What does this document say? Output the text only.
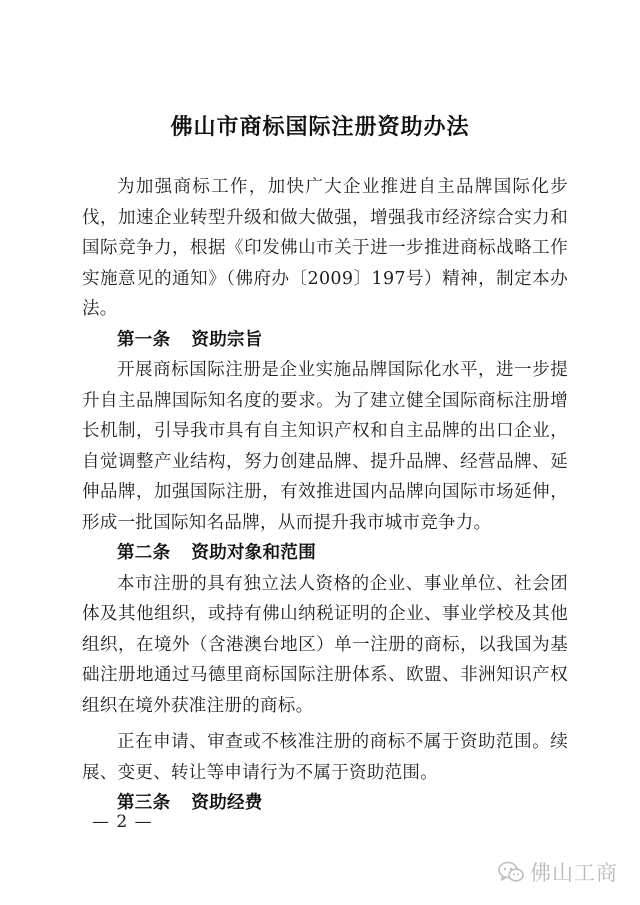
佛山市商标国际注册资助办法

为加强商标工作，加快广大企业推进自主品牌国际化步伐，加速企业转型升级和做大做强，增强我市经济综合实力和国际竞争力，根据《印发佛山市关于进一步推进商标战略工作实施意见的通知》（佛府办〔2009〕197号）精神，制定本办法。

第一条 资助宗旨

开展商标国际注册是企业实施品牌国际化水平，进一步提升自主品牌国际知名度的要求。为了建立健全国际商标注册增长机制，引导我市具有自主知识产权和自主品牌的出口企业，自觉调整产业结构，努力创建品牌、提升品牌、经营品牌、延伸品牌，加强国际注册，有效推进国内品牌向国际市场延伸，形成一批国际知名品牌，从而提升我市城市竞争力。

第二条 资助对象和范围

本市注册的具有独立法人资格的企业、事业单位、社会团体及其他组织，或持有佛山纳税证明的企业、事业学校及其他组织，在境外（含港澳台地区）单一注册的商标，以我国为基础注册地通过马德里商标国际注册体系、欧盟、非洲知识产权组织在境外获准注册的商标。

正在申请、审查或不核准注册的商标不属于资助范围。续展、变更、转让等申请行为不属于资助范围。

第三条 资助经费

— 2 —
佛山工商
